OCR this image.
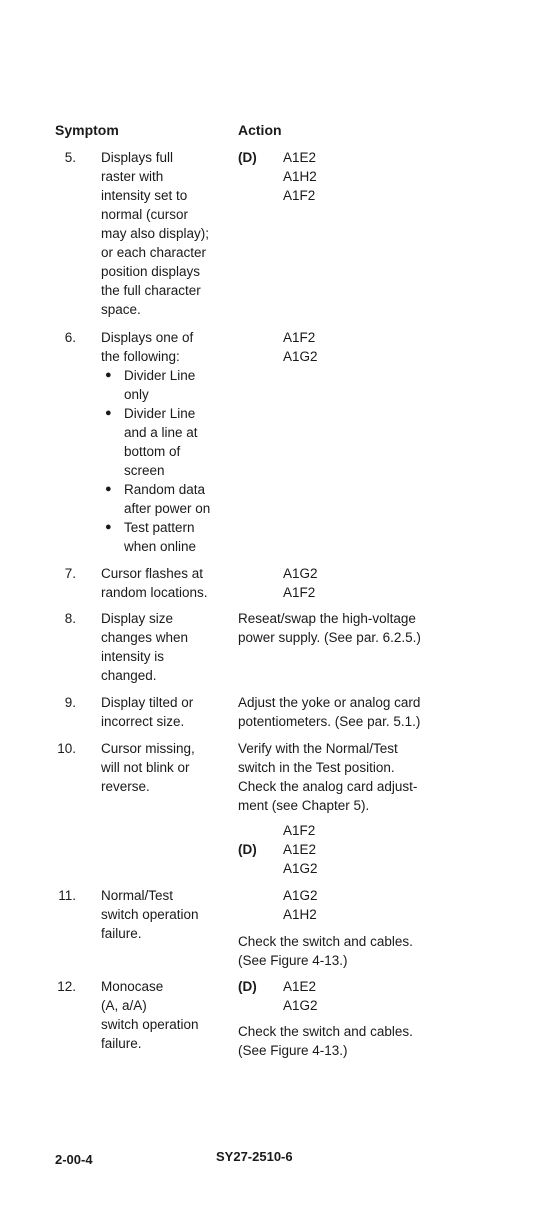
Symptom	Action
5. Displays full
raster with
intensity set to
normal (cursor
may also display);
or each character
position displays
the full character
space.
(D) A1E2
A1H2
A1F2
6. Displays one of
the following:
● Divider Line
only
● Divider Line
and a line at
bottom of
screen
● Random data
after power on
● Test pattern
when online
A1F2
A1G2
7. Cursor flashes at
random locations.
A1G2
A1F2
8. Display size
changes when
intensity is
changed.
Reseat/swap the high-voltage
power supply. (See par. 6.2.5.)
9. Display tilted or
incorrect size.
Adjust the yoke or analog card
potentiometers. (See par. 5.1.)
10. Cursor missing,
will not blink or
reverse.
Verify with the Normal/Test
switch in the Test position.
Check the analog card adjust-
ment (see Chapter 5).
(D)
A1F2
A1E2
A1G2
11. Normal/Test
switch operation
failure.
A1G2
A1H2
Check the switch and cables.
(See Figure 4-13.)
12. Monocase
(A, a/A)
switch operation
failure.
(D) A1E2
A1G2
Check the switch and cables.
(See Figure 4-13.)
2-00-4	SY27-2510-6
